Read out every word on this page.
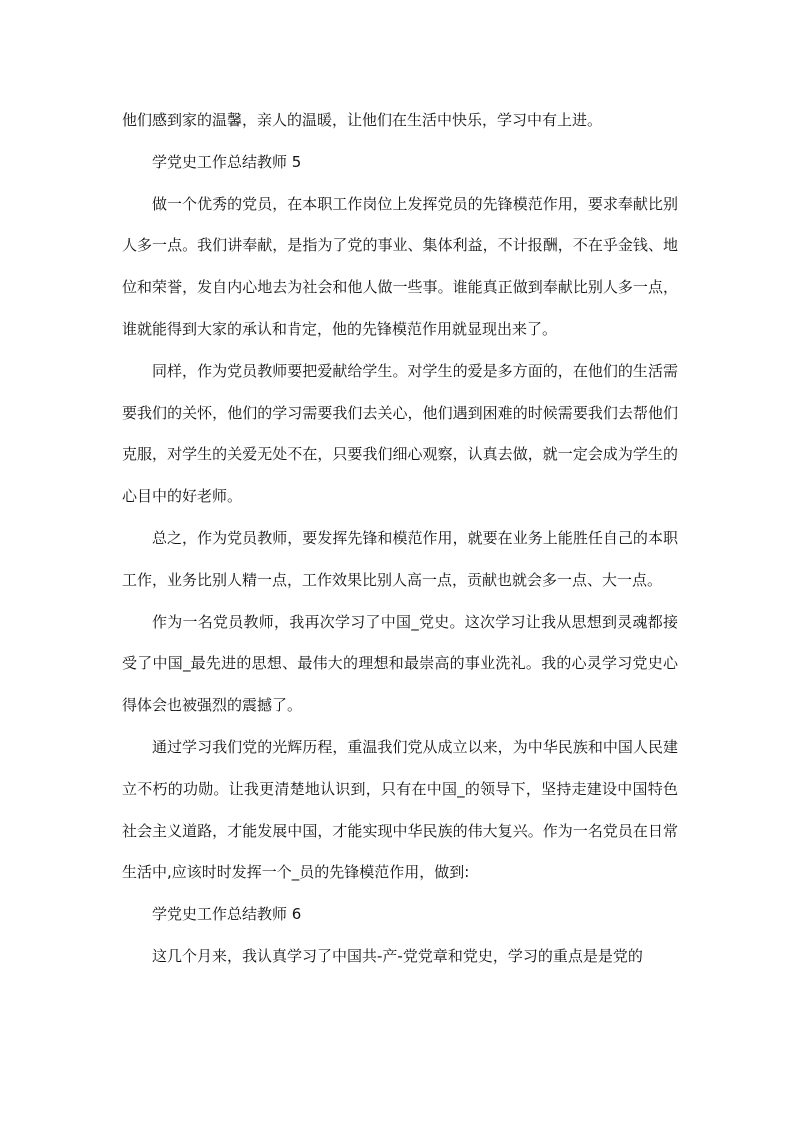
他们感到家的温馨，亲人的温暖，让他们在生活中快乐，学习中有上进。

学党史工作总结教师 5

做一个优秀的党员，在本职工作岗位上发挥党员的先锋模范作用，要求奉献比别人多一点。我们讲奉献，是指为了党的事业、集体利益，不计报酬，不在乎金钱、地位和荣誉，发自内心地去为社会和他人做一些事。谁能真正做到奉献比别人多一点，谁就能得到大家的承认和肯定，他的先锋模范作用就显现出来了。

同样，作为党员教师要把爱献给学生。对学生的爱是多方面的，在他们的生活需要我们的关怀，他们的学习需要我们去关心，他们遇到困难的时候需要我们去帮他们克服，对学生的关爱无处不在，只要我们细心观察，认真去做，就一定会成为学生的心目中的好老师。

总之，作为党员教师，要发挥先锋和模范作用，就要在业务上能胜任自己的本职工作，业务比别人精一点，工作效果比别人高一点，贡献也就会多一点、大一点。

作为一名党员教师，我再次学习了中国_党史。这次学习让我从思想到灵魂都接受了中国_最先进的思想、最伟大的理想和最崇高的事业洗礼。我的心灵学习党史心得体会也被强烈的震撼了。

通过学习我们党的光辉历程，重温我们党从成立以来，为中华民族和中国人民建立不朽的功勋。让我更清楚地认识到，只有在中国_的领导下，坚持走建设中国特色社会主义道路，才能发展中国，才能实现中华民族的伟大复兴。作为一名党员在日常生活中,应该时时发挥一个_员的先锋模范作用，做到:

学党史工作总结教师 6

这几个月来，我认真学习了中国共-产-党党章和党史，学习的重点是是党的
